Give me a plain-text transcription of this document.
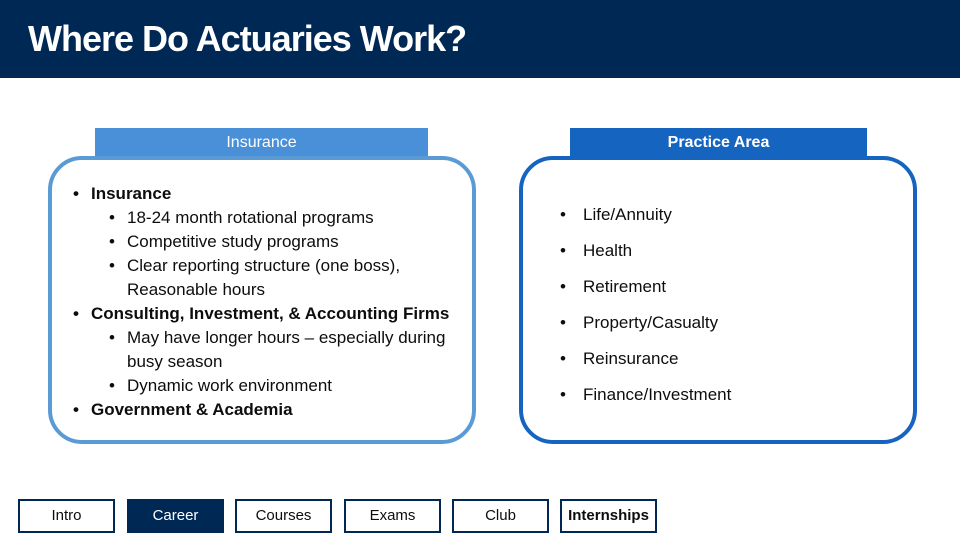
Where Do Actuaries Work?
Insurance	Practice Area
• Insurance
• 18-24 month rotational programs
• Competitive study programs
• Clear reporting structure (one boss), Reasonable hours
• Consulting, Investment, & Accounting Firms
• May have longer hours – especially during busy season
• Dynamic work environment
• Government & Academia
• Life/Annuity
• Health
• Retirement
• Property/Casualty
• Reinsurance
• Finance/Investment
Intro	Career	Courses	Exams	Club	Internships
